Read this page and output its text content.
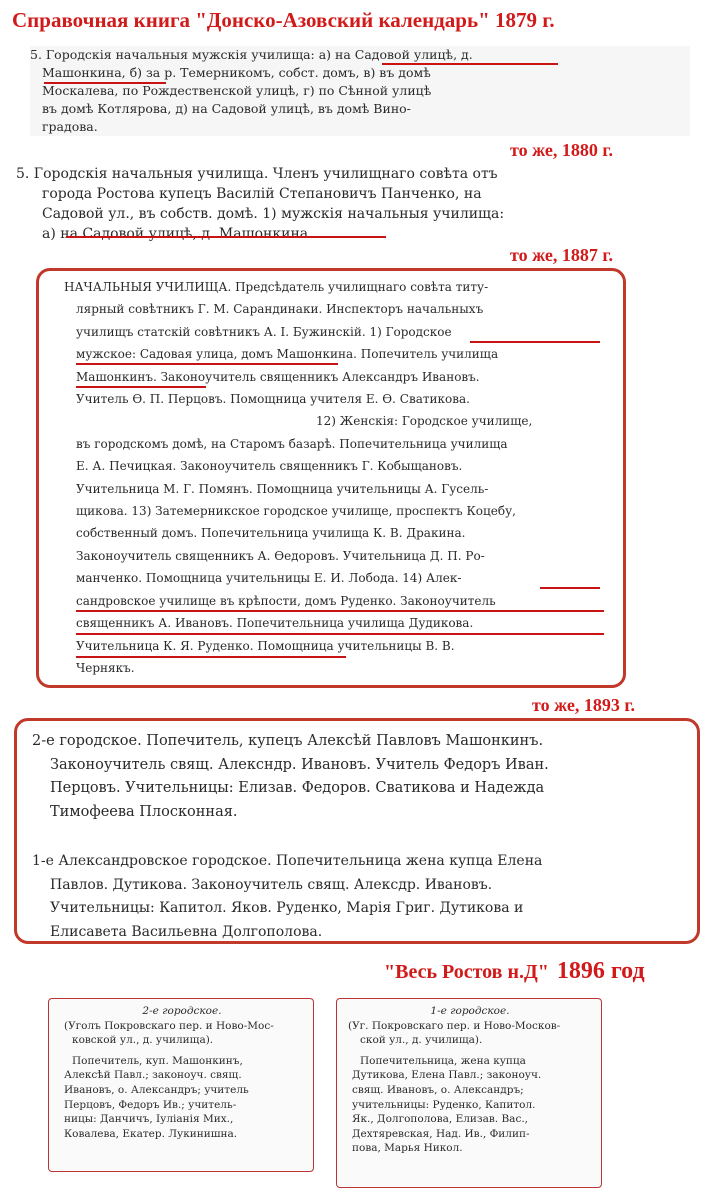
Справочная книга "Донско-Азовский календарь" 1879 г.

5. Городскія начальныя мужскія училища: а) на Садовой улицѣ, д.

Машонкина, б) за р. Темерникомъ, собст. домъ, в) въ домѣ

Москалева, по Рождественской улицѣ, г) по Сѣнной улицѣ

въ домѣ Котлярова, д) на Садовой улицѣ, въ домѣ Вино-

градова.

то же, 1880 г.

5. Городскія начальныя училища. Членъ училищнаго совѣта отъ

города Ростова купецъ Василій Степановичъ Панченко, на

Садовой ул., въ собств. домѣ. 1) мужскія начальныя училища:

а) на Садовой улицѣ, д. Машонкина.

то же, 1887 г.

НАЧАЛЬНЫЯ УЧИЛИЩА. Предсѣдатель училищнаго совѣта титу-

лярный совѣтникъ Г. М. Сарандинаки. Инспекторъ начальныхъ

училищъ статскій совѣтникъ А. І. Бужинскій. 1) Городское

мужское: Садовая улица, домъ Машонкина. Попечитель училища

Машонкинъ. Законоучитель священникъ Александръ Ивановъ.

Учитель Ѳ. П. Перцовъ. Помощница учителя Е. Ѳ. Сватикова.

12) Женскія: Городское училище,

въ городскомъ домѣ, на Старомъ базарѣ. Попечительница училища

Е. А. Печицкая. Законоучитель священникъ Г. Кобыщановъ.

Учительница М. Г. Помянъ. Помощница учительницы А. Гусель-

щикова. 13) Затемерникское городское училище, проспектъ Коцебу,

собственный домъ. Попечительница училища К. В. Дракина.

Законоучитель священникъ А. Ѳедоровъ. Учительница Д. П. Ро-

манченко. Помощница учительницы Е. И. Лобода. 14) Алек-

сандровское училище въ крѣпости, домъ Руденко. Законоучитель

священникъ А. Ивановъ. Попечительница училища Дудикова.

Учительница К. Я. Руденко. Помощница учительницы В. В.

Чернякъ.

то же, 1893 г.

2-е городское. Попечитель, купецъ Алексѣй Павловъ Машонкинъ.

Законоучитель свящ. Алексндр. Ивановъ. Учитель Федоръ Иван.

Перцовъ. Учительницы: Елизав. Федоров. Сватикова и Надежда

Тимофеева Плосконная.

1-е Александровское городское. Попечительница жена купца Елена

Павлов. Дутикова. Законоучитель свящ. Алексдр. Ивановъ.

Учительницы: Капитол. Яков. Руденко, Марія Григ. Дутикова и

Елисавета Васильевна Долгополова.

"Весь Ростов н.Д" 1896 год

2-е городское.

(Уголъ Покровскаго пер. и Ново-Мос-

ковской ул., д. училища).

Попечитель, куп. Машонкинъ,

Алексѣй Павл.; законоуч. свящ.

Ивановъ, о. Александръ; учитель

Перцовъ, Федоръ Ив.; учитель-

ницы: Данчичъ, Іуліанія Мих.,

Ковалева, Екатер. Лукинишна.

1-е городское.

(Уг. Покровскаго пер. и Ново-Москов-

ской ул., д. училища).

Попечительница, жена купца

Дутикова, Елена Павл.; законоуч.

свящ. Ивановъ, о. Александръ;

учительницы: Руденко, Капитол.

Як., Долгополова, Елизав. Вас.,

Дехтяревская, Над. Ив., Филип-

пова, Марья Никол.
